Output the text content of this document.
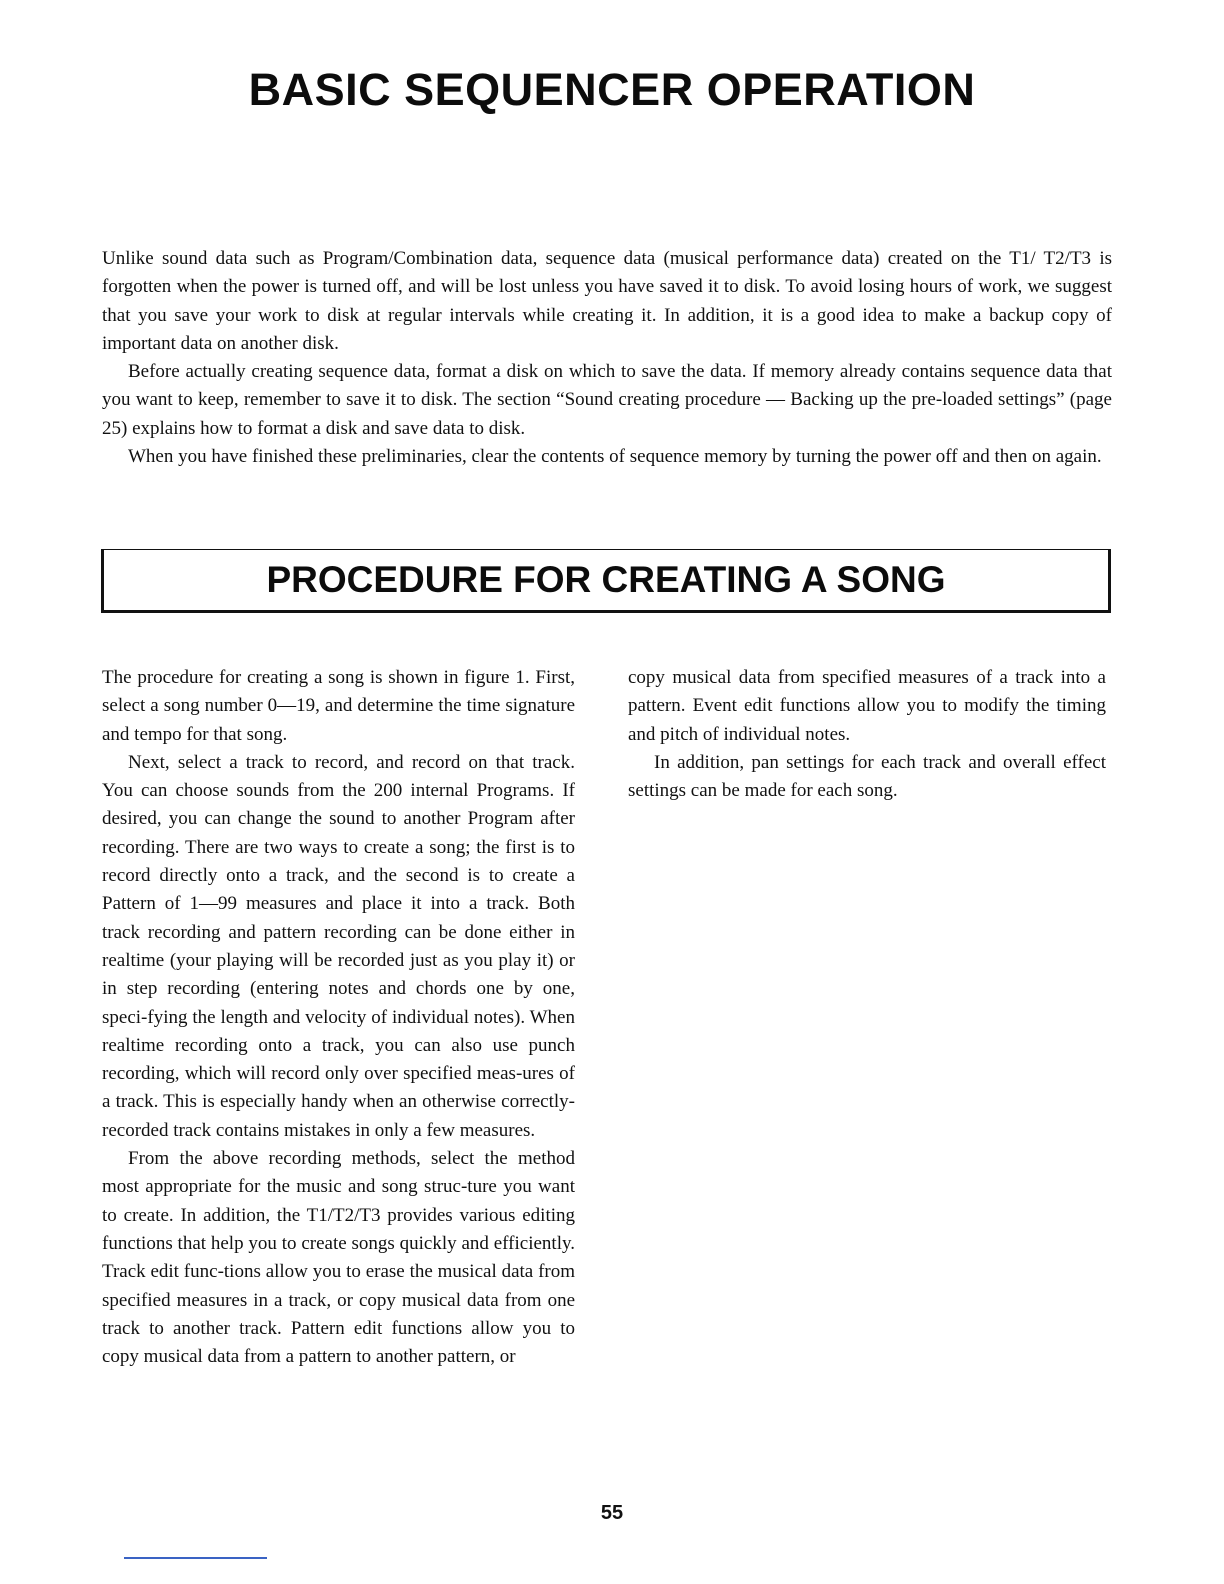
BASIC SEQUENCER OPERATION

Unlike sound data such as Program/Combination data, sequence data (musical performance data) created on the T1/ T2/T3 is forgotten when the power is turned off, and will be lost unless you have saved it to disk. To avoid losing hours of work, we suggest that you save your work to disk at regular intervals while creating it. In addition, it is a good idea to make a backup copy of important data on another disk.

Before actually creating sequence data, format a disk on which to save the data. If memory already contains sequence data that you want to keep, remember to save it to disk. The section “Sound creating procedure — Backing up the pre-loaded settings” (page 25) explains how to format a disk and save data to disk.

When you have finished these preliminaries, clear the contents of sequence memory by turning the power off and then on again.

PROCEDURE FOR CREATING A SONG

The procedure for creating a song is shown in figure 1. First, select a song number 0—19, and determine the time signature and tempo for that song.

Next, select a track to record, and record on that track. You can choose sounds from the 200 internal Programs. If desired, you can change the sound to another Program after recording. There are two ways to create a song; the first is to record directly onto a track, and the second is to create a Pattern of 1—99 measures and place it into a track. Both track recording and pattern recording can be done either in realtime (your playing will be recorded just as you play it) or in step recording (entering notes and chords one by one, speci-fying the length and velocity of individual notes). When realtime recording onto a track, you can also use punch recording, which will record only over specified meas-ures of a track. This is especially handy when an otherwise correctly-recorded track contains mistakes in only a few measures.

From the above recording methods, select the method most appropriate for the music and song struc-ture you want to create. In addition, the T1/T2/T3 provides various editing functions that help you to create songs quickly and efficiently. Track edit func-tions allow you to erase the musical data from specified measures in a track, or copy musical data from one track to another track. Pattern edit functions allow you to copy musical data from a pattern to another pattern, or

copy musical data from specified measures of a track into a pattern. Event edit functions allow you to modify the timing and pitch of individual notes.

In addition, pan settings for each track and overall effect settings can be made for each song.

55
